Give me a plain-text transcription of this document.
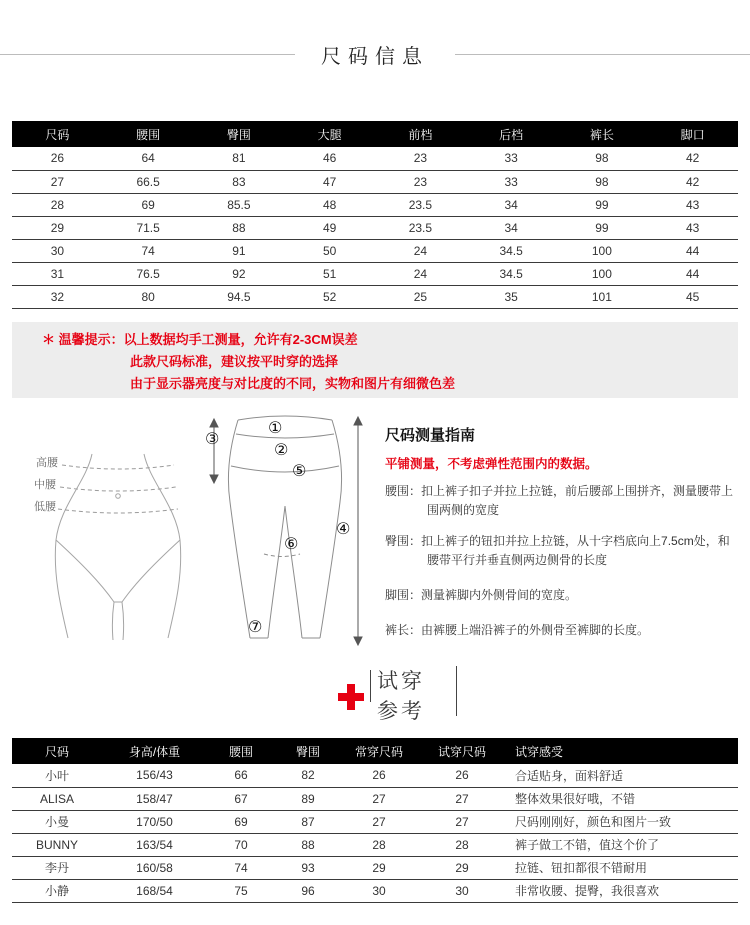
尺码信息
尺码	腰围	臀围	大腿	前档	后档	裤长	脚口
26	64	81	46	23	33	98	42
27	66.5	83	47	23	33	98	42
28	69	85.5	48	23.5	34	99	43
29	71.5	88	49	23.5	34	99	43
30	74	91	50	24	34.5	100	44
31	76.5	92	51	24	34.5	100	44
32	80	94.5	52	25	35	101	45
＊ 温馨提示：以上数据均手工测量，允许有2-3CM误差
此款尺码标准，建议按平时穿的选择
由于显示器亮度与对比度的不同，实物和图片有细微色差
高腰
中腰
低腰
①
②
③
④
⑤
⑥
⑦
尺码测量指南
平铺测量，不考虑弹性范围内的数据。

腰围：扣上裤子扣子并拉上拉链，前后腰部上围拼齐，测量腰带上围两侧的宽度

臀围：扣上裤子的钮扣并拉上拉链，从十字档底向上7.5cm处，和腰带平行并垂直侧两边侧骨的长度

脚围：测量裤脚内外侧骨间的宽度。

裤长：由裤腰上端沿裤子的外侧骨至裤脚的长度。

试穿
参考
尺码	身高/体重	腰围	臀围	常穿尺码	试穿尺码	试穿感受
小叶	156/43	66	82	26	26	合适贴身，面料舒适
ALISA	158/47	67	89	27	27	整体效果很好哦，不错
小曼	170/50	69	87	27	27	尺码刚刚好，颜色和图片一致
BUNNY	163/54	70	88	28	28	裤子做工不错，值这个价了
李丹	160/58	74	93	29	29	拉链、钮扣都很不错耐用
小静	168/54	75	96	30	30	非常收腰、提臀，我很喜欢
